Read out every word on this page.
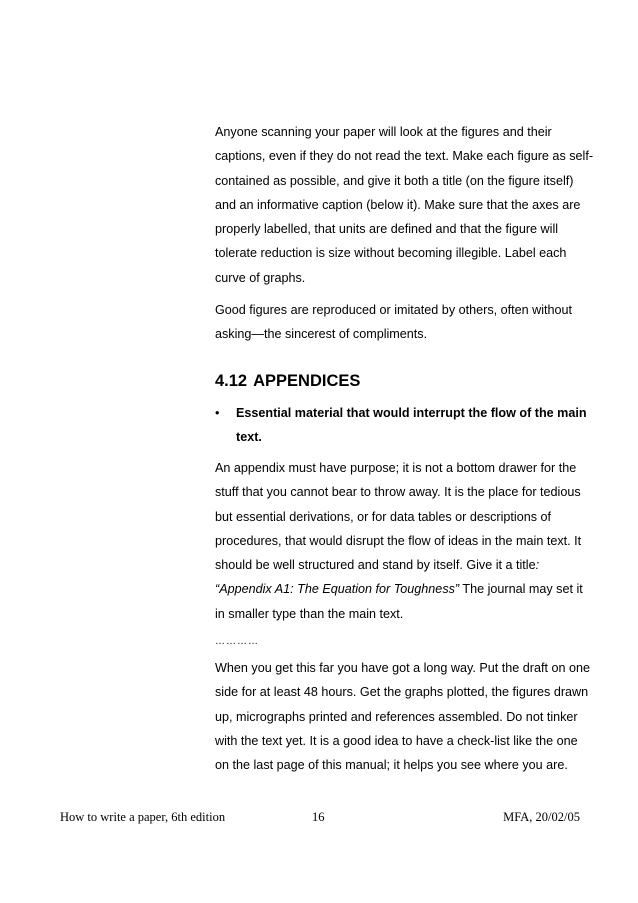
Anyone scanning your paper will look at the figures and their captions, even if they do not read the text. Make each figure as self-contained as possible, and give it both a title (on the figure itself) and an informative caption (below it). Make sure that the axes are properly labelled, that units are defined and that the figure will tolerate reduction is size without becoming illegible. Label each curve of graphs.

Good figures are reproduced or imitated by others, often without asking—the sincerest of compliments.

4.12 APPENDICES
•	Essential material that would interrupt the flow of the main text.

An appendix must have purpose; it is not a bottom drawer for the stuff that you cannot bear to throw away. It is the place for tedious but essential derivations, or for data tables or descriptions of procedures, that would disrupt the flow of ideas in the main text. It should be well structured and stand by itself. Give it a title: “Appendix A1: The Equation for Toughness” The journal may set it in smaller type than the main text.

…………

When you get this far you have got a long way. Put the draft on one side for at least 48 hours. Get the graphs plotted, the figures drawn up, micrographs printed and references assembled. Do not tinker with the text yet. It is a good idea to have a check-list like the one on the last page of this manual; it helps you see where you are.

How to write a paper, 6th edition	16	MFA, 20/02/05
